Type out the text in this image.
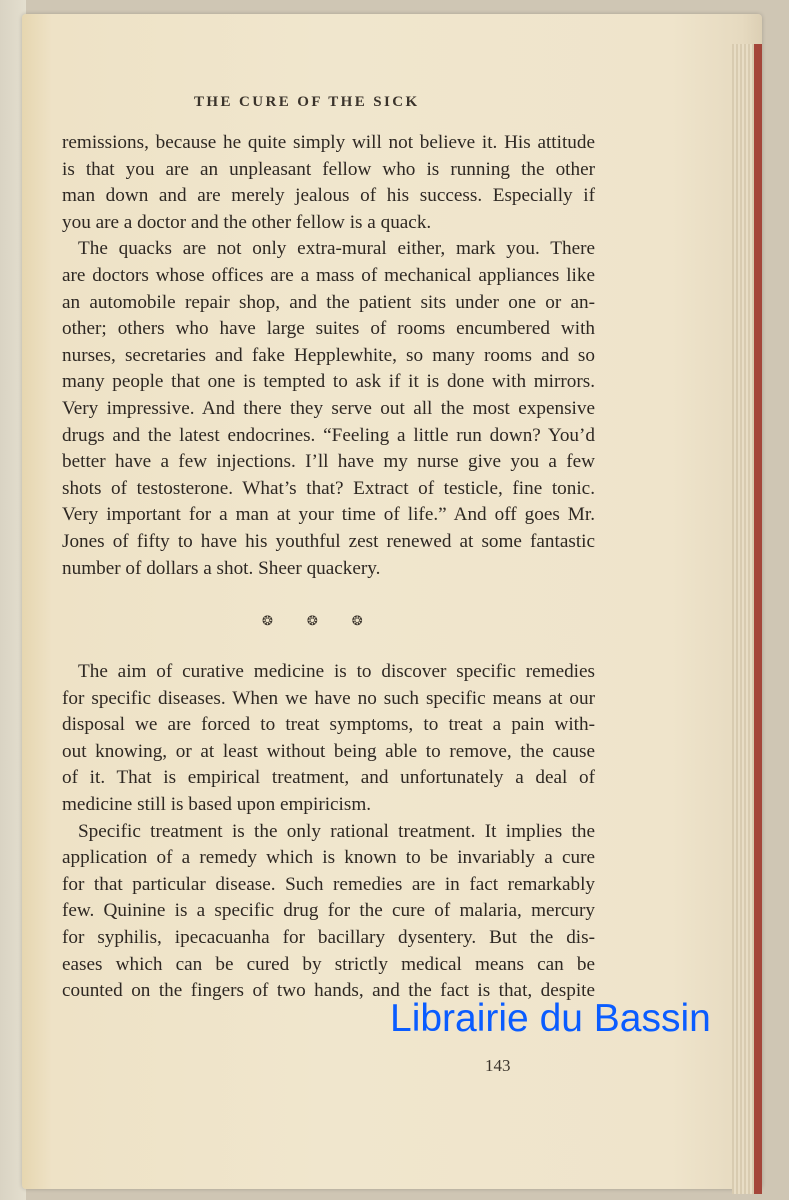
THE CURE OF THE SICK
remissions, because he quite simply will not believe it. His attitude
is that you are an unpleasant fellow who is running the other
man down and are merely jealous of his success. Especially if
you are a doctor and the other fellow is a quack.
The quacks are not only extra-mural either, mark you. There
are doctors whose offices are a mass of mechanical appliances like
an automobile repair shop, and the patient sits under one or an-
other; others who have large suites of rooms encumbered with
nurses, secretaries and fake Hepplewhite, so many rooms and so
many people that one is tempted to ask if it is done with mirrors.
Very impressive. And there they serve out all the most expensive
drugs and the latest endocrines. “Feeling a little run down? You’d
better have a few injections. I’ll have my nurse give you a few
shots of testosterone. What’s that? Extract of testicle, fine tonic.
Very important for a man at your time of life.” And off goes Mr.
Jones of fifty to have his youthful zest renewed at some fantastic
number of dollars a shot. Sheer quackery.
❂❂❂
The aim of curative medicine is to discover specific remedies
for specific diseases. When we have no such specific means at our
disposal we are forced to treat symptoms, to treat a pain with-
out knowing, or at least without being able to remove, the cause
of it. That is empirical treatment, and unfortunately a deal of
medicine still is based upon empiricism.
Specific treatment is the only rational treatment. It implies the
application of a remedy which is known to be invariably a cure
for that particular disease. Such remedies are in fact remarkably
few. Quinine is a specific drug for the cure of malaria, mercury
for syphilis, ipecacuanha for bacillary dysentery. But the dis-
eases which can be cured by strictly medical means can be
counted on the fingers of two hands, and the fact is that, despite
Librairie du Bassin
143
